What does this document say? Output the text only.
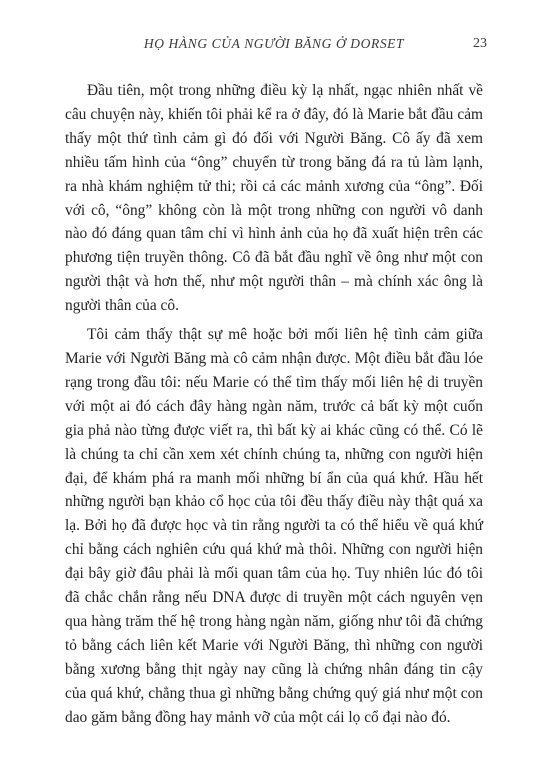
HỌ HÀNG CỦA NGƯỜI BĂNG Ở DORSET	23

Đầu tiên, một trong những điều kỳ lạ nhất, ngạc nhiên nhất về câu chuyện này, khiến tôi phải kể ra ở đây, đó là Marie bắt đầu cảm thấy một thứ tình cảm gì đó đối với Người Băng. Cô ấy đã xem nhiều tấm hình của “ông” chuyển từ trong băng đá ra tủ làm lạnh, ra nhà khám nghiệm tử thi; rồi cả các mảnh xương của “ông”. Đối với cô, “ông” không còn là một trong những con người vô danh nào đó đáng quan tâm chỉ vì hình ảnh của họ đã xuất hiện trên các phương tiện truyền thông. Cô đã bắt đầu nghĩ về ông như một con người thật và hơn thế, như một người thân – mà chính xác ông là người thân của cô.

Tôi cảm thấy thật sự mê hoặc bởi mối liên hệ tình cảm giữa Marie với Người Băng mà cô cảm nhận được. Một điều bắt đầu lóe rạng trong đầu tôi: nếu Marie có thể tìm thấy mối liên hệ di truyền với một ai đó cách đây hàng ngàn năm, trước cả bất kỳ một cuốn gia phả nào từng được viết ra, thì bất kỳ ai khác cũng có thể. Có lẽ là chúng ta chỉ cần xem xét chính chúng ta, những con người hiện đại, để khám phá ra manh mối những bí ẩn của quá khứ. Hầu hết những người bạn khảo cổ học của tôi đều thấy điều này thật quá xa lạ. Bởi họ đã được học và tin rằng người ta có thể hiểu về quá khứ chỉ bằng cách nghiên cứu quá khứ mà thôi. Những con người hiện đại bây giờ đâu phải là mối quan tâm của họ. Tuy nhiên lúc đó tôi đã chắc chắn rằng nếu DNA được di truyền một cách nguyên vẹn qua hàng trăm thế hệ trong hàng ngàn năm, giống như tôi đã chứng tỏ bằng cách liên kết Marie với Người Băng, thì những con người bằng xương bằng thịt ngày nay cũng là chứng nhân đáng tin cậy của quá khứ, chẳng thua gì những bằng chứng quý giá như một con dao găm bằng đồng hay mảnh vỡ của một cái lọ cổ đại nào đó.
